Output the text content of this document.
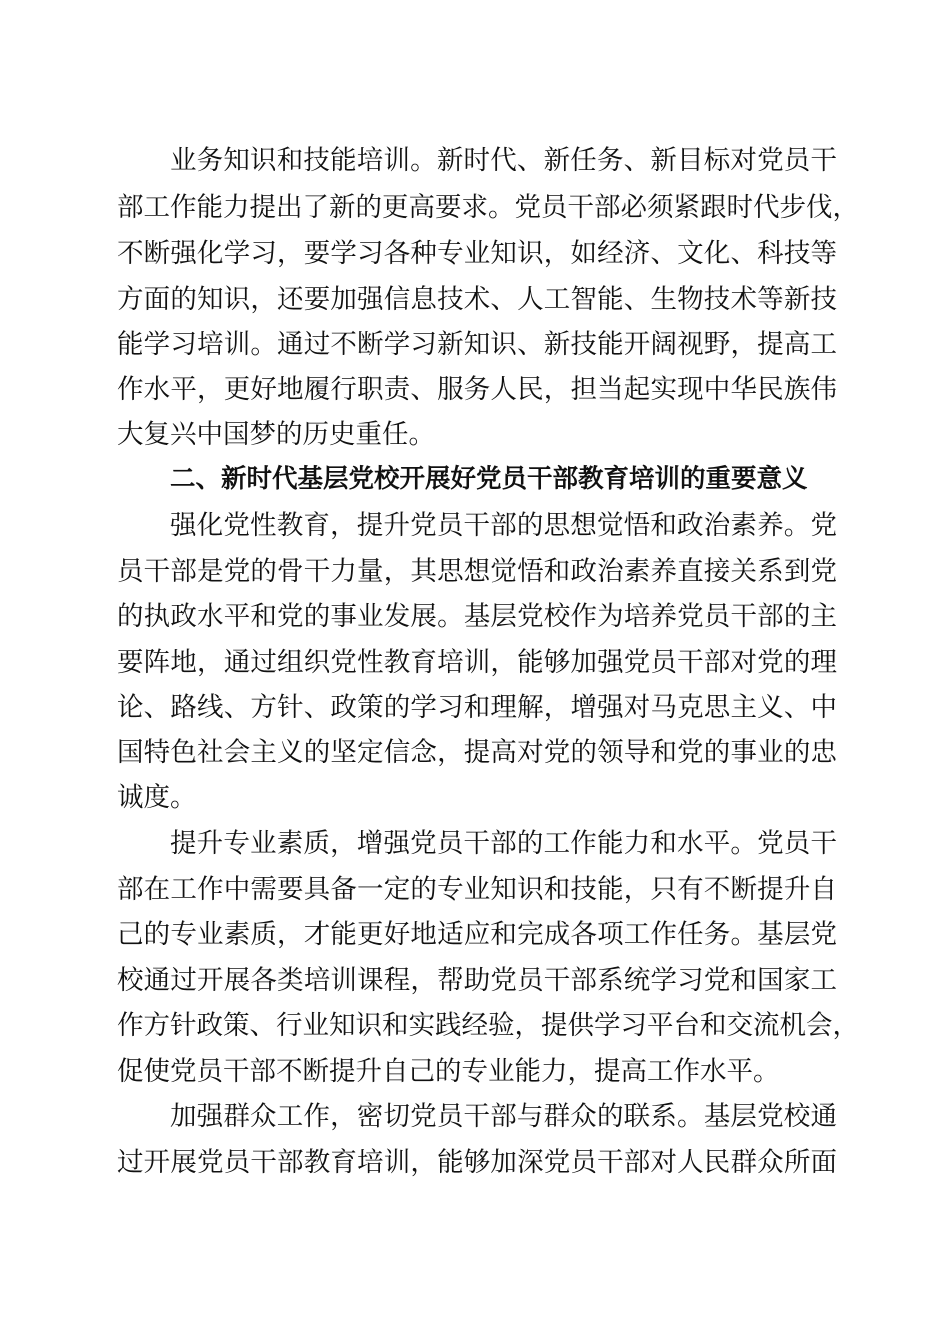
业务知识和技能培训。新时代、新任务、新目标对党员干
部工作能力提出了新的更高要求。党员干部必须紧跟时代步伐，
不断强化学习，要学习各种专业知识，如经济、文化、科技等
方面的知识，还要加强信息技术、人工智能、生物技术等新技
能学习培训。通过不断学习新知识、新技能开阔视野，提高工
作水平，更好地履行职责、服务人民，担当起实现中华民族伟
大复兴中国梦的历史重任。
二、新时代基层党校开展好党员干部教育培训的重要意义
强化党性教育，提升党员干部的思想觉悟和政治素养。党
员干部是党的骨干力量，其思想觉悟和政治素养直接关系到党
的执政水平和党的事业发展。基层党校作为培养党员干部的主
要阵地，通过组织党性教育培训，能够加强党员干部对党的理
论、路线、方针、政策的学习和理解，增强对马克思主义、中
国特色社会主义的坚定信念，提高对党的领导和党的事业的忠
诚度。
提升专业素质，增强党员干部的工作能力和水平。党员干
部在工作中需要具备一定的专业知识和技能，只有不断提升自
己的专业素质，才能更好地适应和完成各项工作任务。基层党
校通过开展各类培训课程，帮助党员干部系统学习党和国家工
作方针政策、行业知识和实践经验，提供学习平台和交流机会，
促使党员干部不断提升自己的专业能力，提高工作水平。
加强群众工作，密切党员干部与群众的联系。基层党校通
过开展党员干部教育培训，能够加深党员干部对人民群众所面
